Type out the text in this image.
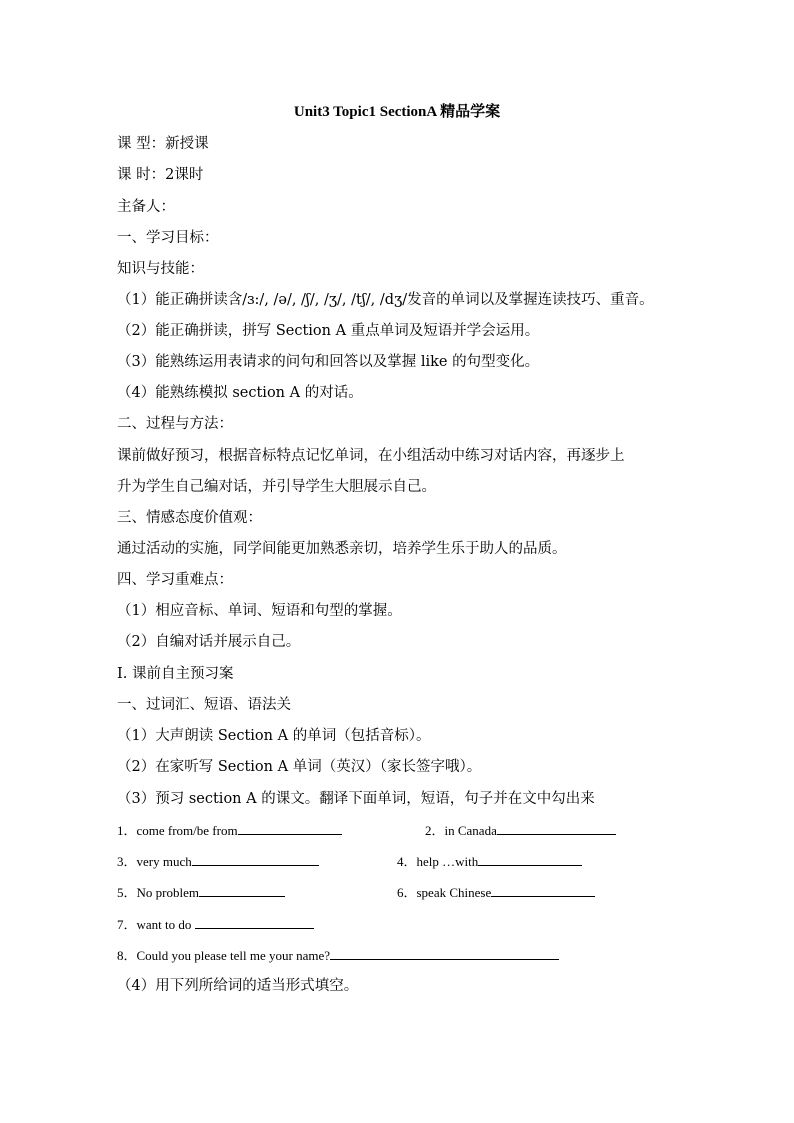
Unit3 Topic1 SectionA 精品学案
课 型：新授课
课 时：2课时
主备人：
一、学习目标：
知识与技能：
（1）能正确拼读含/ɜ:/, /ə/, /ʃ/, /ʒ/, /tʃ/, /dʒ/发音的单词以及掌握连读技巧、重音。
（2）能正确拼读，拼写 Section A 重点单词及短语并学会运用。
（3）能熟练运用表请求的问句和回答以及掌握 like 的句型变化。
（4）能熟练模拟 section A 的对话。
二、过程与方法：
课前做好预习，根据音标特点记忆单词，在小组活动中练习对话内容，再逐步上
升为学生自己编对话，并引导学生大胆展示自己。
三、情感态度价值观：
通过活动的实施，同学间能更加熟悉亲切，培养学生乐于助人的品质。
四、学习重难点：
（1）相应音标、单词、短语和句型的掌握。
（2）自编对话并展示自己。
I. 课前自主预习案
一、过词汇、短语、语法关
（1）大声朗读 Section A 的单词（包括音标）。
（2）在家听写 Section A 单词（英汉）（家长签字哦）。
（3）预习 section A 的课文。翻译下面单词，短语，句子并在文中勾出来
1．come from/be from	2．in Canada
3．very much	4．help …with
5．No problem	6．speak Chinese
7．want to do
8．Could you please tell me your name?
（4）用下列所给词的适当形式填空。
